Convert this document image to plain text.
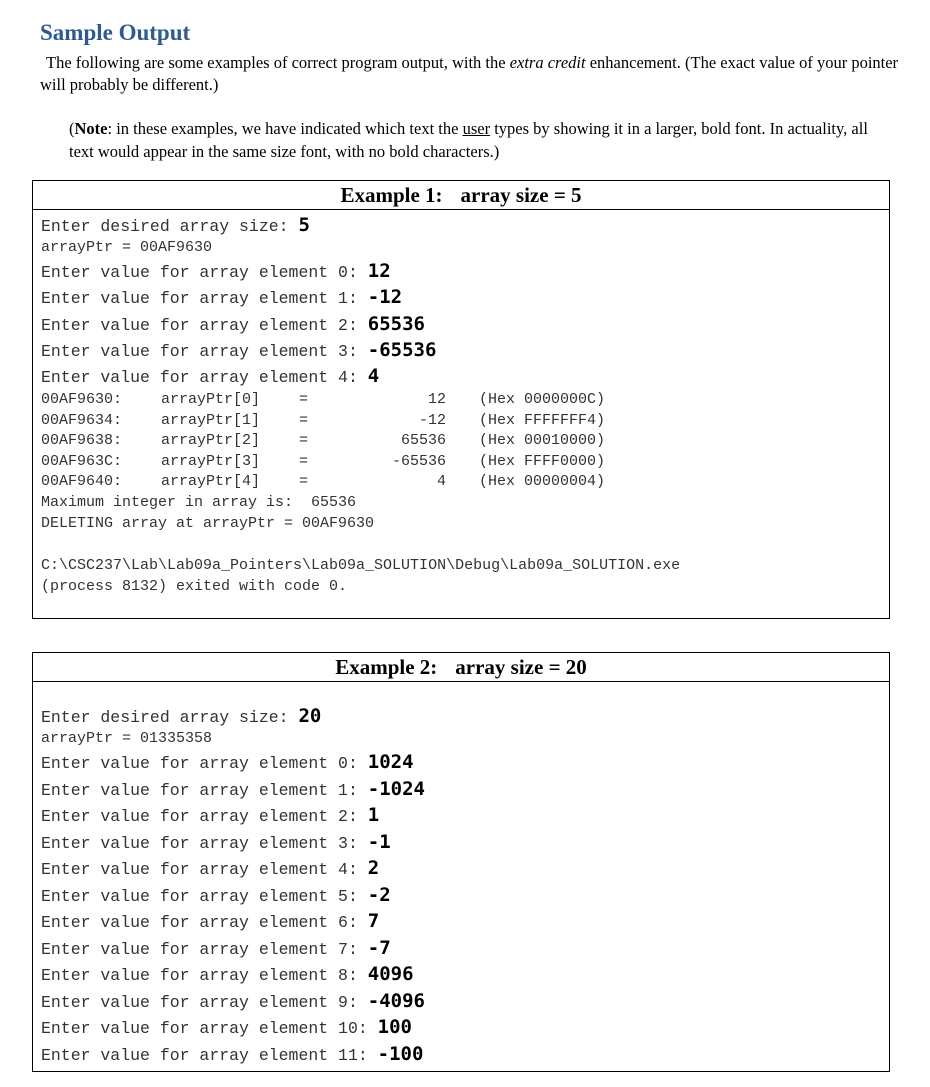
Sample Output
The following are some examples of correct program output, with the extra credit enhancement. (The exact value of your pointer will probably be different.)
(Note: in these examples, we have indicated which text the user types by showing it in a larger, bold font. In actuality, all text would appear in the same size font, with no bold characters.)
Example 1: array size = 5
Enter desired array size: 5
arrayPtr = 00AF9630
Enter value for array element 0: 12
Enter value for array element 1: -12
Enter value for array element 2: 65536
Enter value for array element 3: -65536
Enter value for array element 4: 4
00AF9630:	arrayPtr[0]	=	12 (Hex 0000000C)
00AF9634:	arrayPtr[1]	=	-12 (Hex FFFFFFF4)
00AF9638:	arrayPtr[2]	=	65536 (Hex 00010000)
00AF963C:	arrayPtr[3]	=	-65536 (Hex FFFF0000)
00AF9640:	arrayPtr[4]	=	4 (Hex 00000004)
Maximum integer in array is:  65536
DELETING array at arrayPtr = 00AF9630
C:\CSC237\Lab\Lab09a_Pointers\Lab09a_SOLUTION\Debug\Lab09a_SOLUTION.exe
(process 8132) exited with code 0.
Example 2: array size = 20
Enter desired array size: 20
arrayPtr = 01335358
Enter value for array element 0: 1024
Enter value for array element 1: -1024
Enter value for array element 2: 1
Enter value for array element 3: -1
Enter value for array element 4: 2
Enter value for array element 5: -2
Enter value for array element 6: 7
Enter value for array element 7: -7
Enter value for array element 8: 4096
Enter value for array element 9: -4096
Enter value for array element 10: 100
Enter value for array element 11: -100
